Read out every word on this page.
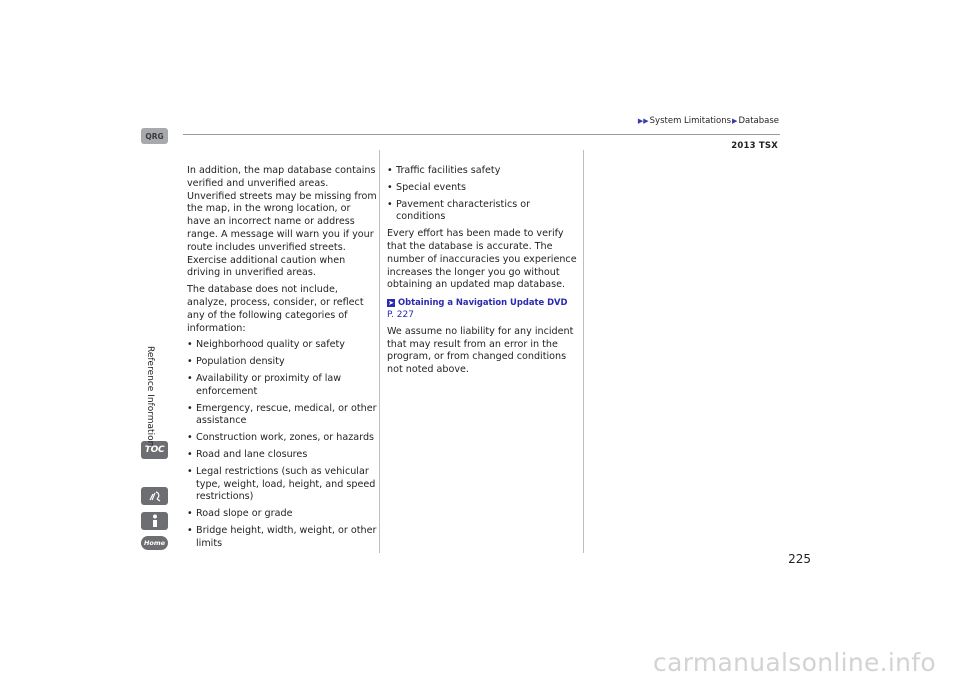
▶▶ System Limitations ▶ Database
2013 TSX
QRG
TOC
Home
Reference Information

In addition, the map database contains verified and unverified areas. Unverified streets may be missing from the map, in the wrong location, or have an incorrect name or address range. A message will warn you if your route includes unverified streets. Exercise additional caution when driving in unverified areas.

The database does not include, analyze, process, consider, or reflect any of the following categories of information:

• Neighborhood quality or safety
• Population density
• Availability or proximity of law enforcement
• Emergency, rescue, medical, or other assistance
• Construction work, zones, or hazards
• Road and lane closures
• Legal restrictions (such as vehicular type, weight, load, height, and speed restrictions)
• Road slope or grade
• Bridge height, width, weight, or other limits
• Traffic facilities safety
• Special events
• Pavement characteristics or conditions

Every effort has been made to verify that the database is accurate. The number of inaccuracies you experience increases the longer you go without obtaining an updated map database.

➤ Obtaining a Navigation Update DVD
P. 227

We assume no liability for any incident that may result from an error in the program, or from changed conditions not noted above.

225
carmanualsonline.info
